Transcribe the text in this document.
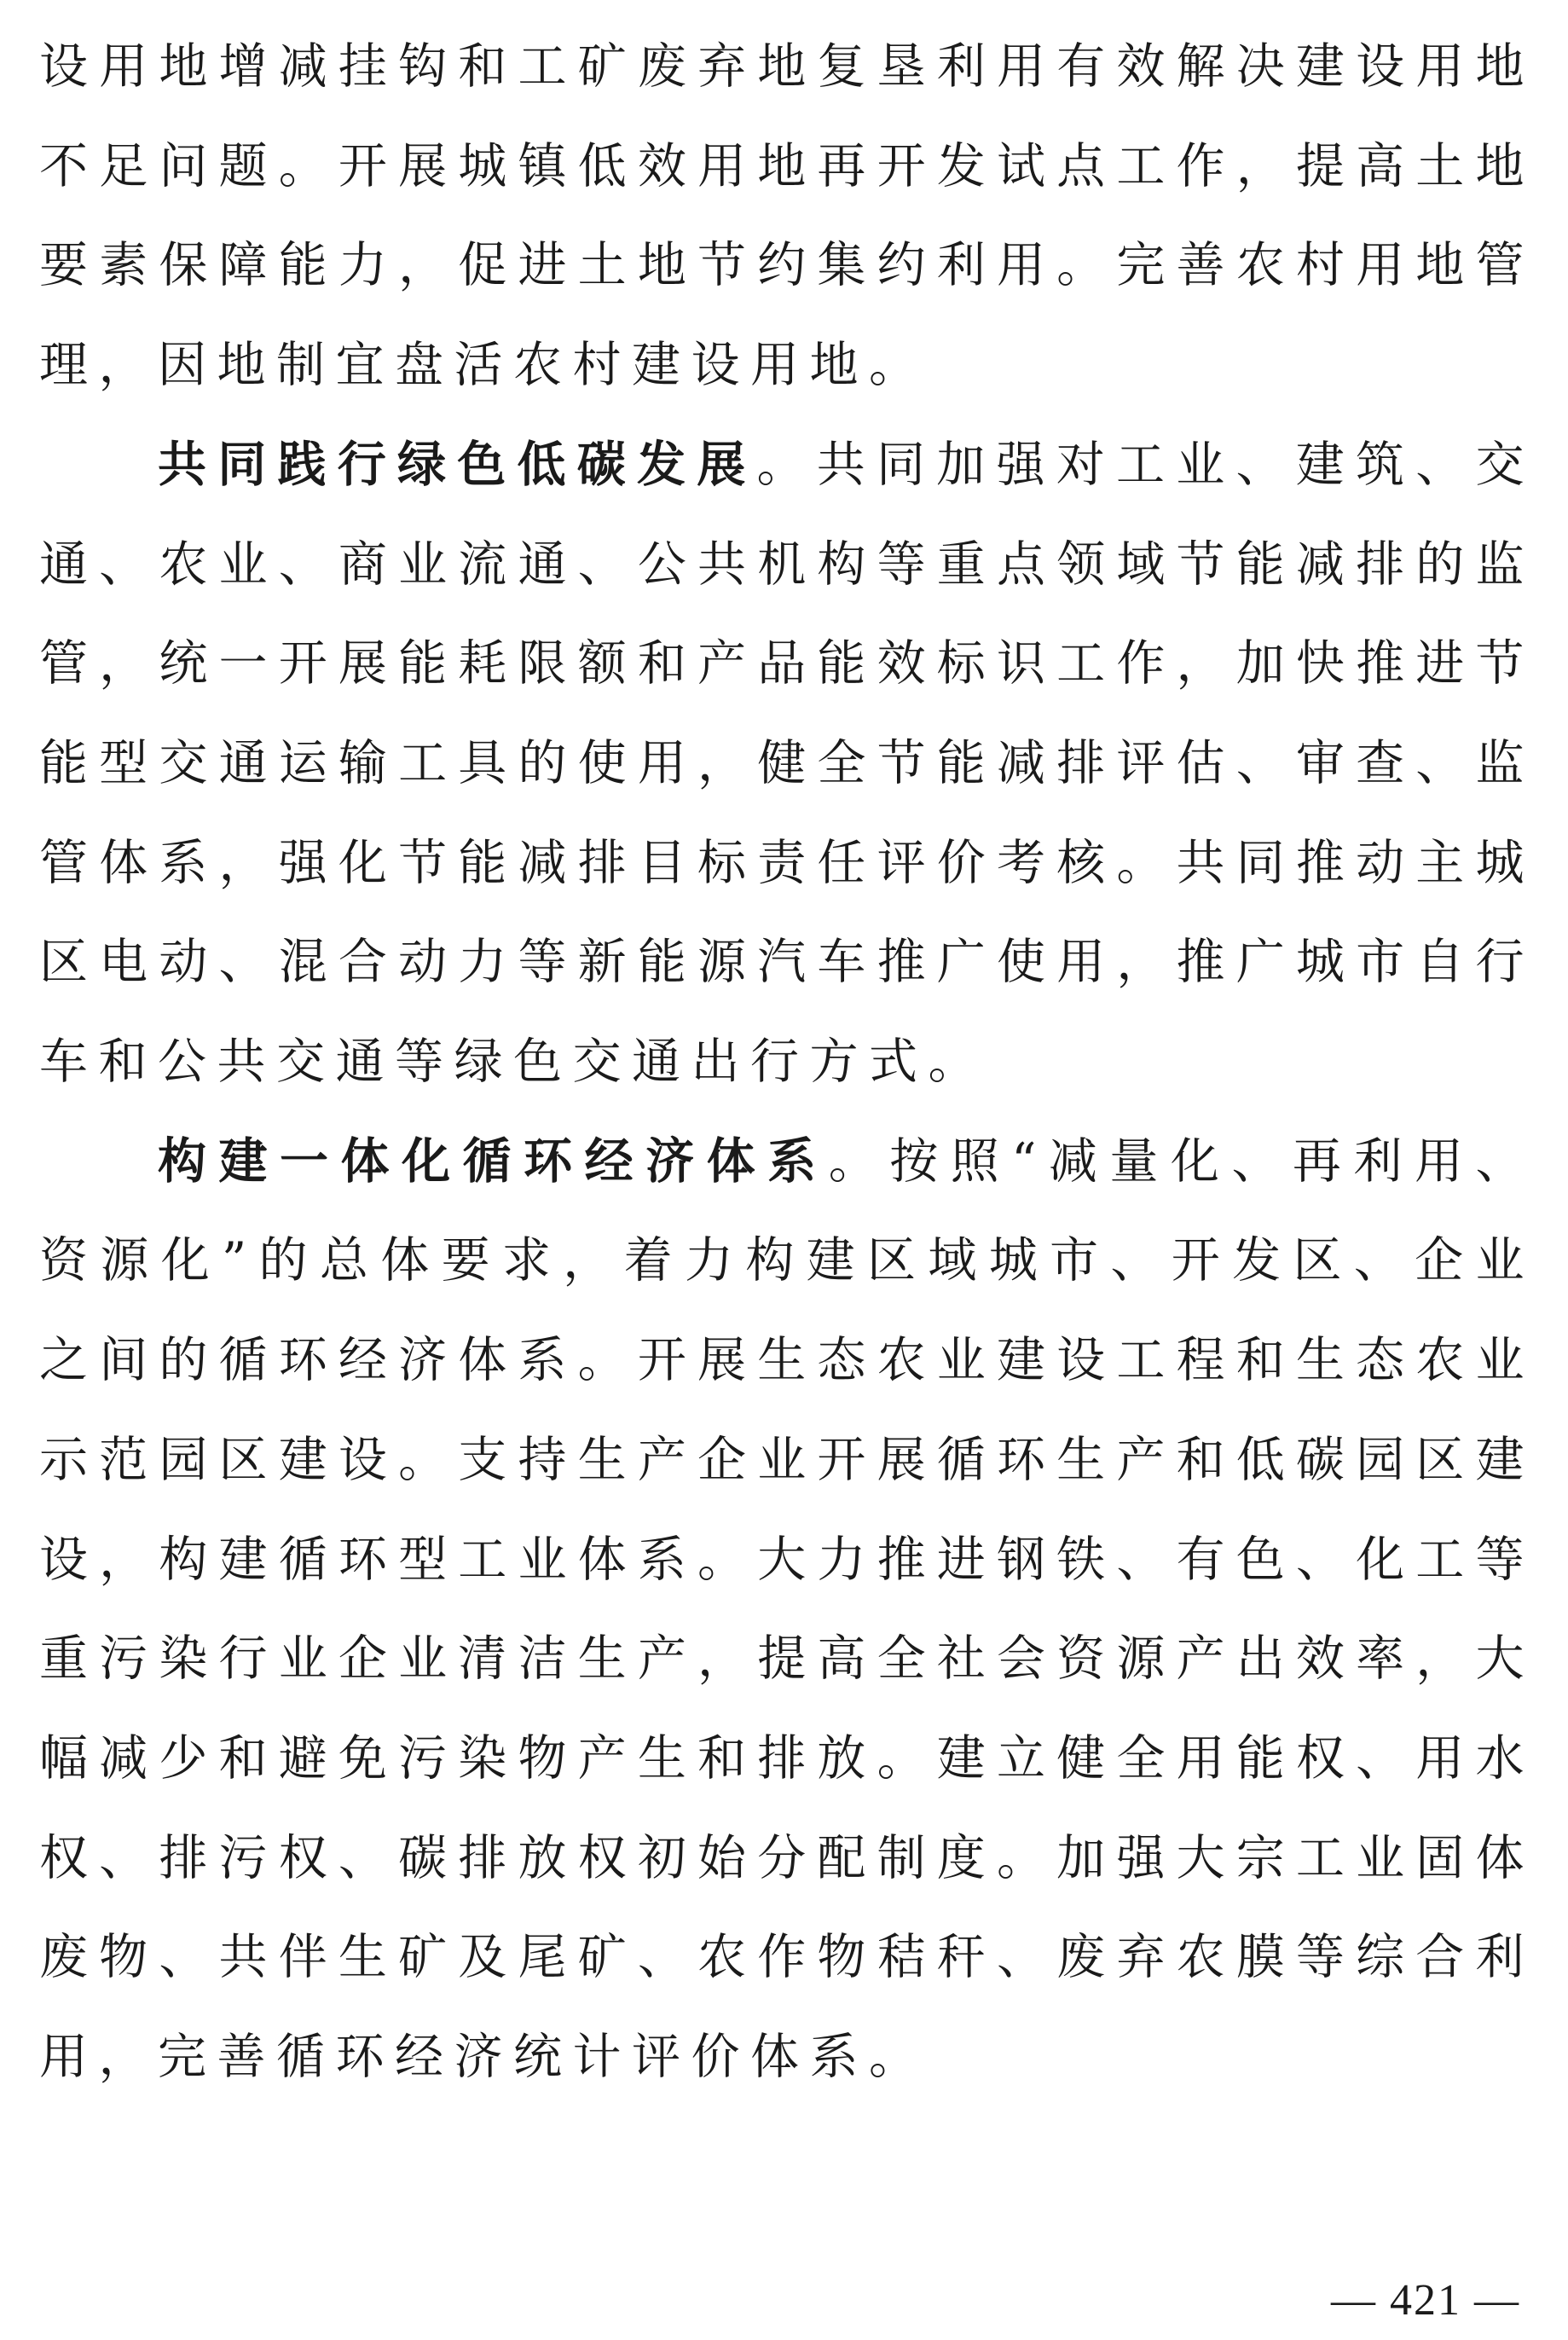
设用地增减挂钩和工矿废弃地复垦利用有效解决建设用地不足问题。开展城镇低效用地再开发试点工作，提高土地要素保障能力，促进土地节约集约利用。完善农村用地管理，因地制宜盘活农村建设用地。

共同践行绿色低碳发展。共同加强对工业、建筑、交通、农业、商业流通、公共机构等重点领域节能减排的监管，统一开展能耗限额和产品能效标识工作，加快推进节能型交通运输工具的使用，健全节能减排评估、审查、监管体系，强化节能减排目标责任评价考核。共同推动主城区电动、混合动力等新能源汽车推广使用，推广城市自行车和公共交通等绿色交通出行方式。

构建一体化循环经济体系。按照“减量化、再利用、资源化”的总体要求，着力构建区域城市、开发区、企业之间的循环经济体系。开展生态农业建设工程和生态农业示范园区建设。支持生产企业开展循环生产和低碳园区建设，构建循环型工业体系。大力推进钢铁、有色、化工等重污染行业企业清洁生产，提高全社会资源产出效率，大幅减少和避免污染物产生和排放。建立健全用能权、用水权、排污权、碳排放权初始分配制度。加强大宗工业固体废物、共伴生矿及尾矿、农作物秸秆、废弃农膜等综合利用，完善循环经济统计评价体系。

— 421 —
